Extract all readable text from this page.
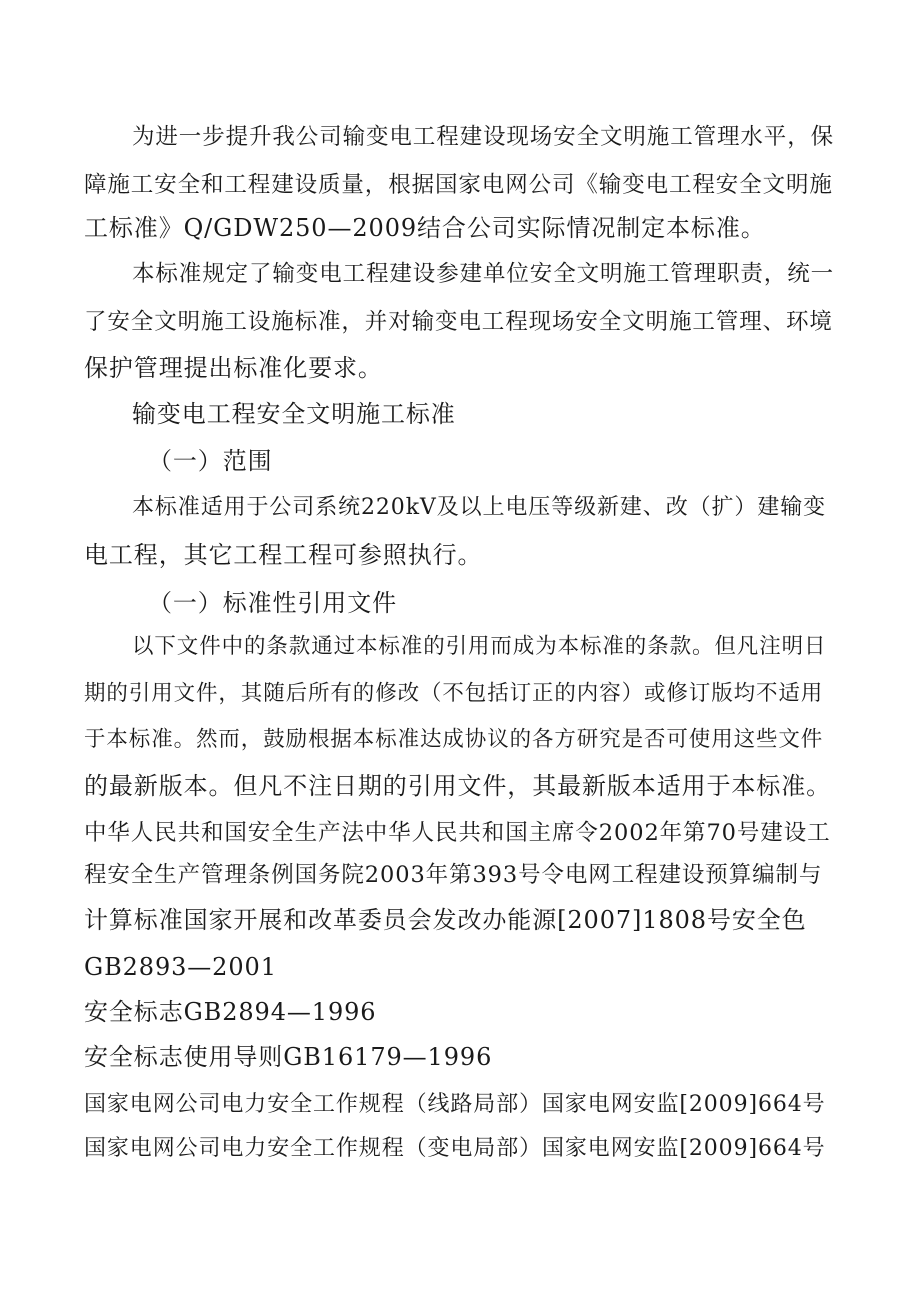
为进一步提升我公司输变电工程建设现场安全文明施工管理水平，保
障施工安全和工程建设质量，根据国家电网公司《输变电工程安全文明施
工标准》Q/GDW250—2009结合公司实际情况制定本标准。
本标准规定了输变电工程建设参建单位安全文明施工管理职责，统一
了安全文明施工设施标准，并对输变电工程现场安全文明施工管理、环境
保护管理提出标准化要求。
输变电工程安全文明施工标准
（一）范围
本标准适用于公司系统220kV及以上电压等级新建、改（扩）建输变
电工程，其它工程工程可参照执行。
（一）标准性引用文件
以下文件中的条款通过本标准的引用而成为本标准的条款。但凡注明日
期的引用文件，其随后所有的修改（不包括订正的内容）或修订版均不适用
于本标准。然而，鼓励根据本标准达成协议的各方研究是否可使用这些文件
的最新版本。但凡不注日期的引用文件，其最新版本适用于本标准。
中华人民共和国安全生产法中华人民共和国主席令2002年第70号建设工
程安全生产管理条例国务院2003年第393号令电网工程建设预算编制与
计算标准国家开展和改革委员会发改办能源[2007]1808号安全色
GB2893—2001
安全标志GB2894—1996
安全标志使用导则GB16179—1996
国家电网公司电力安全工作规程（线路局部）国家电网安监[2009]664号
国家电网公司电力安全工作规程（变电局部）国家电网安监[2009]664号
